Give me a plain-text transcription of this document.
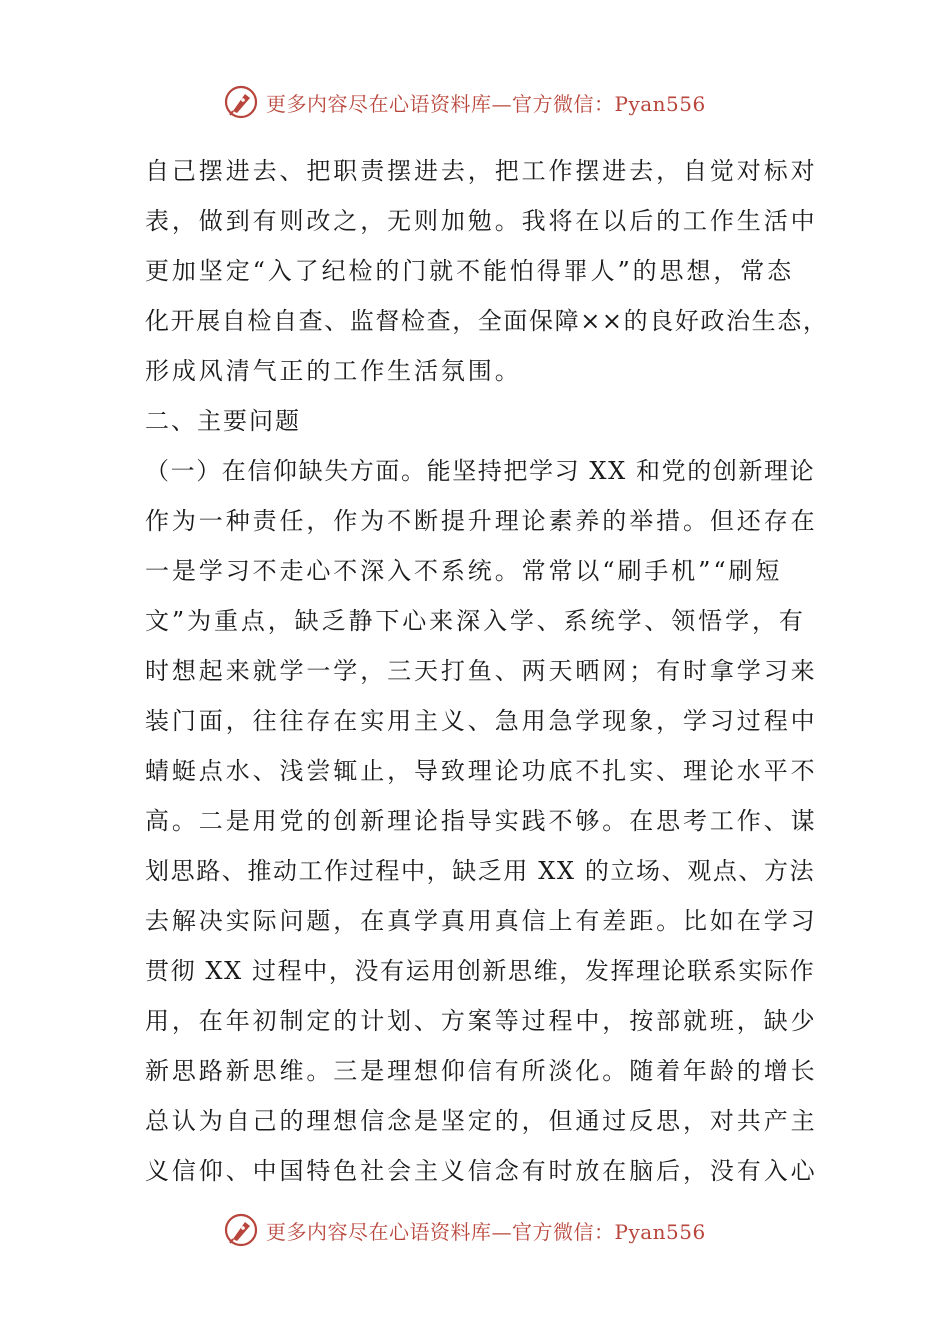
更多内容尽在心语资料库—官方微信：Pyan556
自己摆进去、把职责摆进去，把工作摆进去，自觉对标对
表，做到有则改之，无则加勉。我将在以后的工作生活中
更加坚定“入了纪检的门就不能怕得罪人”的思想，常态
化开展自检自查、监督检查，全面保障××的良好政治生态，
形成风清气正的工作生活氛围。
二、主要问题
（一）在信仰缺失方面。能坚持把学习 XX 和党的创新理论
作为一种责任，作为不断提升理论素养的举措。但还存在
一是学习不走心不深入不系统。常常以“刷手机”“刷短
文”为重点，缺乏静下心来深入学、系统学、领悟学，有
时想起来就学一学，三天打鱼、两天晒网；有时拿学习来
装门面，往往存在实用主义、急用急学现象，学习过程中
蜻蜓点水、浅尝辄止，导致理论功底不扎实、理论水平不
高。二是用党的创新理论指导实践不够。在思考工作、谋
划思路、推动工作过程中，缺乏用 XX 的立场、观点、方法
去解决实际问题，在真学真用真信上有差距。比如在学习
贯彻 XX 过程中，没有运用创新思维，发挥理论联系实际作
用，在年初制定的计划、方案等过程中，按部就班，缺少
新思路新思维。三是理想仰信有所淡化。随着年龄的增长
总认为自己的理想信念是坚定的，但通过反思，对共产主
义信仰、中国特色社会主义信念有时放在脑后，没有入心
更多内容尽在心语资料库—官方微信：Pyan556
